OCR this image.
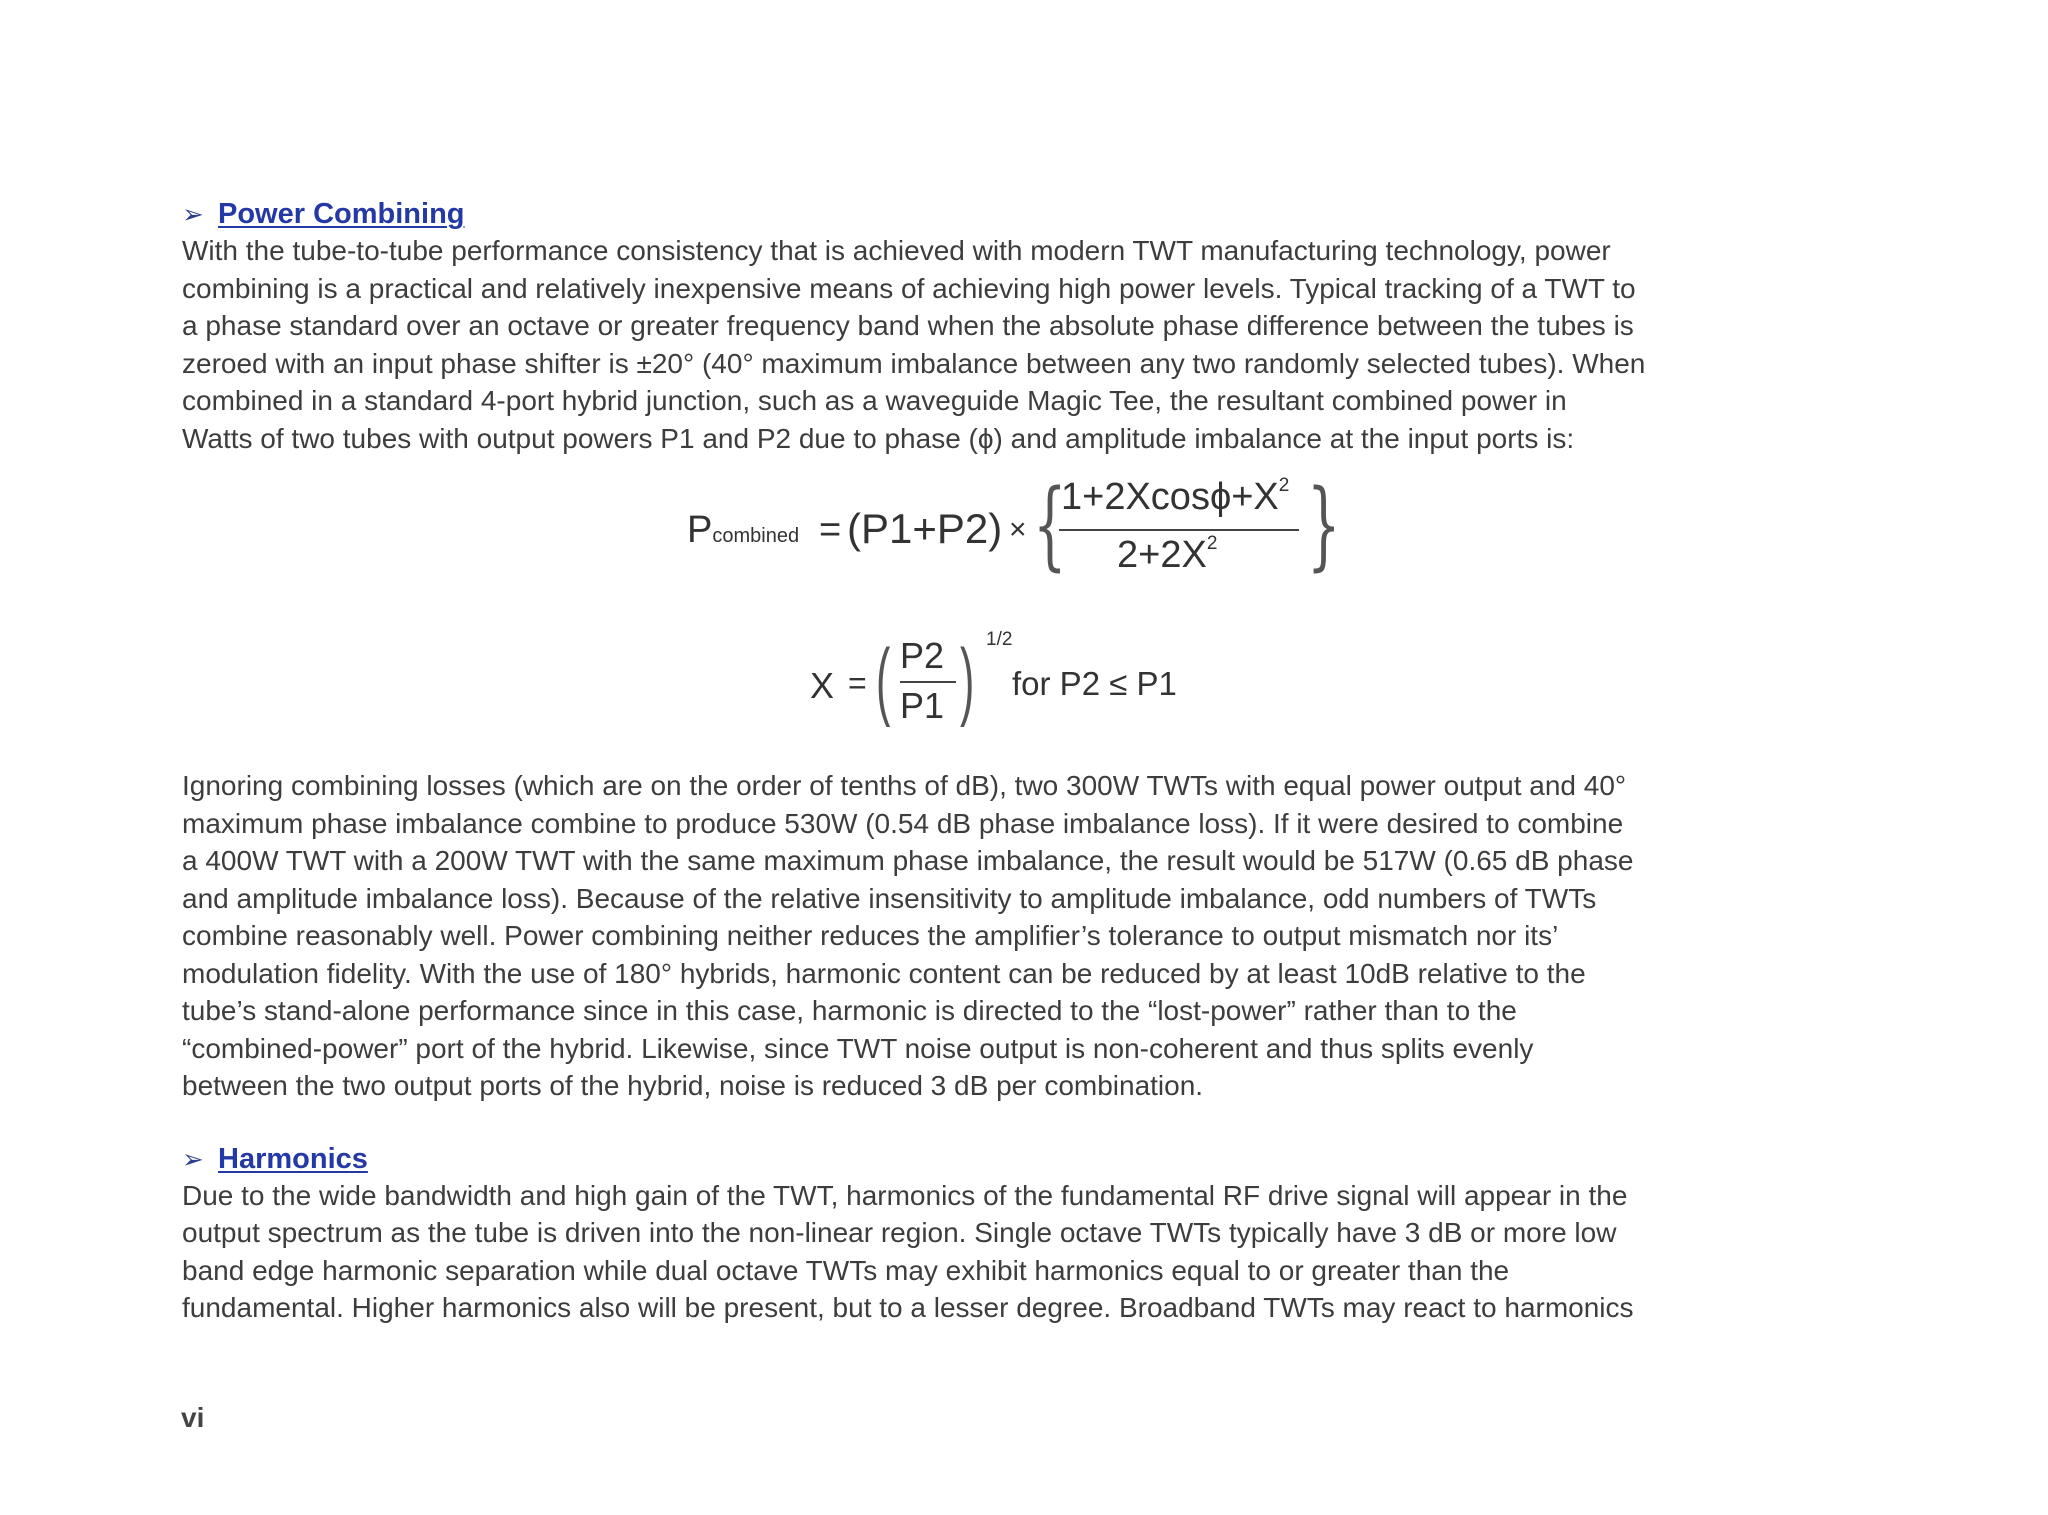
➢ Power Combining

With the tube-to-tube performance consistency that is achieved with modern TWT manufacturing technology, power
combining is a practical and relatively inexpensive means of achieving high power levels. Typical tracking of a TWT to
a phase standard over an octave or greater frequency band when the absolute phase difference between the tubes is
zeroed with an input phase shifter is ±20° (40° maximum imbalance between any two randomly selected tubes). When
combined in a standard 4-port hybrid junction, such as a waveguide Magic Tee, the resultant combined power in
Watts of two tubes with output powers P1 and P2 due to phase (ϕ) and amplitude imbalance at the input ports is:

Pcombined = (P1+P2) × {
$1+2Xcos\phi+X^2$
$2+2X^2$ }
X = ( P2
P1 ) 1/2
for P2 ≤ P1

Ignoring combining losses (which are on the order of tenths of dB), two 300W TWTs with equal power output and 40°
maximum phase imbalance combine to produce 530W (0.54 dB phase imbalance loss). If it were desired to combine
a 400W TWT with a 200W TWT with the same maximum phase imbalance, the result would be 517W (0.65 dB phase
and amplitude imbalance loss). Because of the relative insensitivity to amplitude imbalance, odd numbers of TWTs
combine reasonably well. Power combining neither reduces the amplifier’s tolerance to output mismatch nor its’
modulation fidelity. With the use of 180° hybrids, harmonic content can be reduced by at least 10dB relative to the
tube’s stand-alone performance since in this case, harmonic is directed to the “lost-power” rather than to the
“combined-power” port of the hybrid. Likewise, since TWT noise output is non-coherent and thus splits evenly
between the two output ports of the hybrid, noise is reduced 3 dB per combination.

➢ Harmonics

Due to the wide bandwidth and high gain of the TWT, harmonics of the fundamental RF drive signal will appear in the
output spectrum as the tube is driven into the non-linear region. Single octave TWTs typically have 3 dB or more low
band edge harmonic separation while dual octave TWTs may exhibit harmonics equal to or greater than the
fundamental. Higher harmonics also will be present, but to a lesser degree. Broadband TWTs may react to harmonics

vi
